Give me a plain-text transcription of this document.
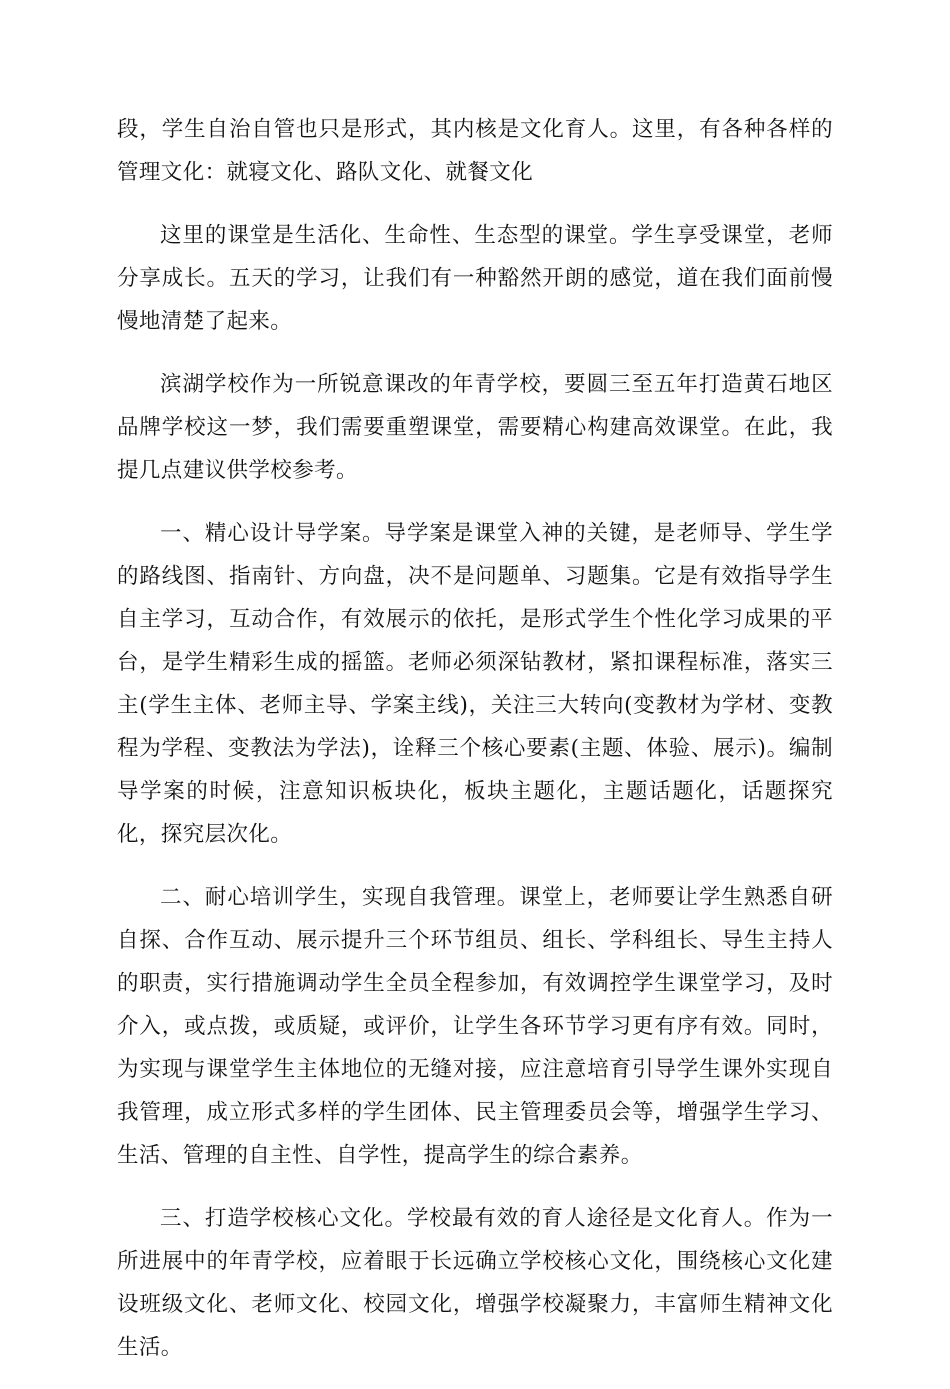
段，学生自治自管也只是形式，其内核是文化育人。这里，有各种各样的管理文化：就寝文化、路队文化、就餐文化

这里的课堂是生活化、生命性、生态型的课堂。学生享受课堂，老师分享成长。五天的学习，让我们有一种豁然开朗的感觉，道在我们面前慢慢地清楚了起来。

滨湖学校作为一所锐意课改的年青学校，要圆三至五年打造黄石地区品牌学校这一梦，我们需要重塑课堂，需要精心构建高效课堂。在此，我提几点建议供学校参考。

一、精心设计导学案。导学案是课堂入神的关键，是老师导、学生学的路线图、指南针、方向盘，决不是问题单、习题集。它是有效指导学生自主学习，互动合作，有效展示的依托，是形式学生个性化学习成果的平台，是学生精彩生成的摇篮。老师必须深钻教材，紧扣课程标准，落实三主(学生主体、老师主导、学案主线)，关注三大转向(变教材为学材、变教程为学程、变教法为学法)，诠释三个核心要素(主题、体验、展示)。编制导学案的时候，注意知识板块化，板块主题化，主题话题化，话题探究化，探究层次化。

二、耐心培训学生，实现自我管理。课堂上，老师要让学生熟悉自研自探、合作互动、展示提升三个环节组员、组长、学科组长、导生主持人的职责，实行措施调动学生全员全程参加，有效调控学生课堂学习，及时介入，或点拨，或质疑，或评价，让学生各环节学习更有序有效。同时，为实现与课堂学生主体地位的无缝对接，应注意培育引导学生课外实现自我管理，成立形式多样的学生团体、民主管理委员会等，增强学生学习、生活、管理的自主性、自学性，提高学生的综合素养。

三、打造学校核心文化。学校最有效的育人途径是文化育人。作为一所进展中的年青学校，应着眼于长远确立学校核心文化，围绕核心文化建设班级文化、老师文化、校园文化，增强学校凝聚力，丰富师生精神文化生活。
